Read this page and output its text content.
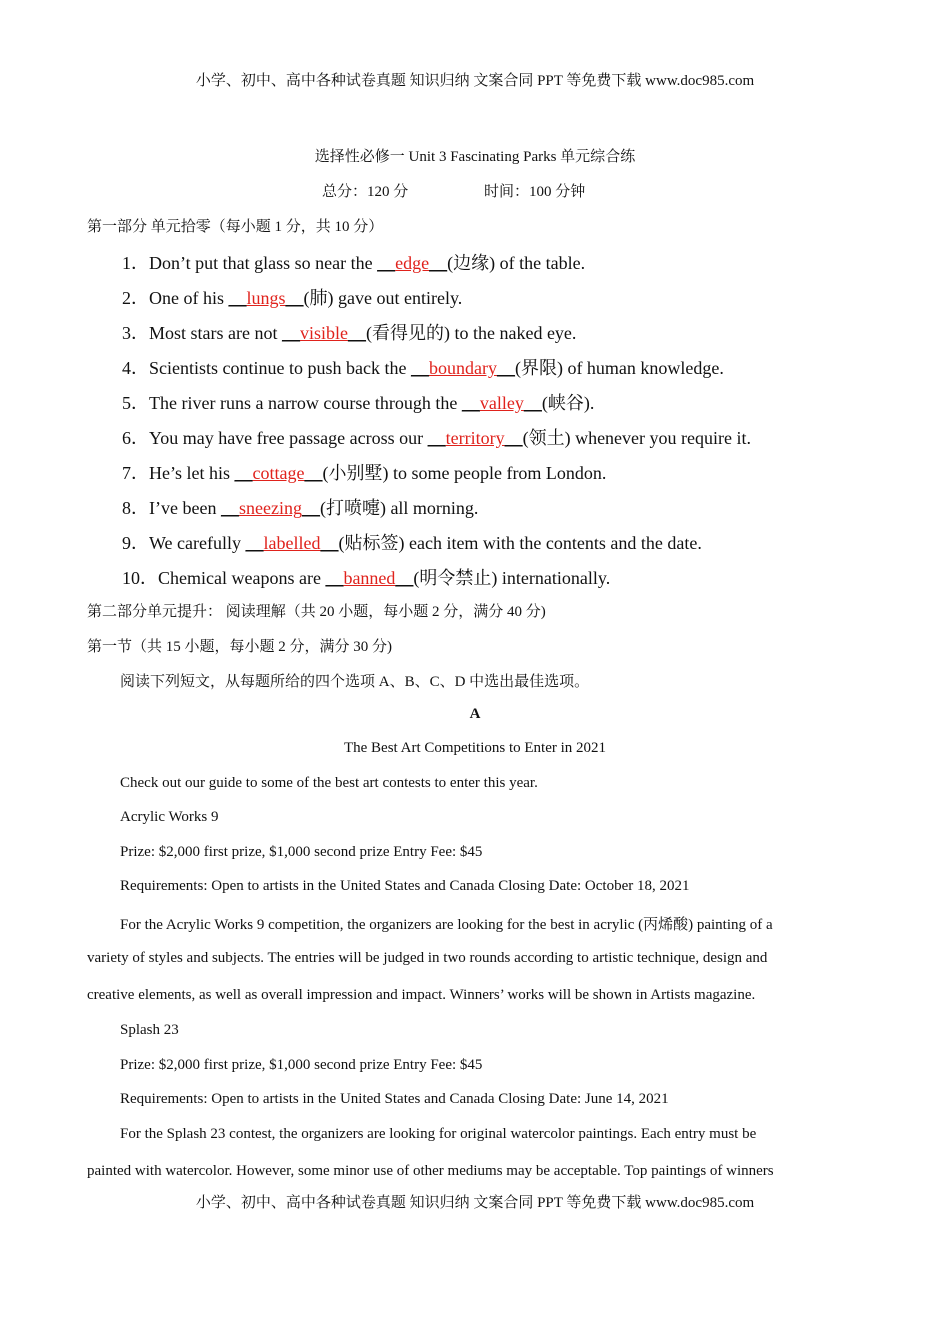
小学、初中、高中各种试卷真题 知识归纳 文案合同 PPT 等免费下载 www.doc985.com
选择性必修一 Unit 3 Fascinating Parks 单元综合练
总分：120 分	时间：100 分钟
第一部分 单元拾零（每小题 1 分，共 10 分）
1．Don’t put that glass so near the __edge__(边缘) of the table.
2．One of his __lungs__(肺) gave out entirely.
3．Most stars are not __visible__(看得见的) to the naked eye.
4．Scientists continue to push back the __boundary__(界限) of human knowledge.
5．The river runs a narrow course through the __valley__(峡谷).
6．You may have free passage across our __territory__(领土) whenever you require it.
7．He’s let his __cottage__(小别墅) to some people from London.
8．I’ve been __sneezing__(打喷嚏) all morning.
9．We carefully __labelled__(贴标签) each item with the contents and the date.
10．Chemical weapons are __banned__(明令禁止) internationally.
第二部分单元提升： 阅读理解（共 20 小题，每小题 2 分，满分 40 分)
第一节（共 15 小题，每小题 2 分，满分 30 分)
阅读下列短文，从每题所给的四个选项 A、B、C、D 中选出最佳选项。
A
The Best Art Competitions to Enter in 2021
Check out our guide to some of the best art contests to enter this year.
Acrylic Works 9
Prize: $2,000 first prize, $1,000 second prize Entry Fee: $45
Requirements: Open to artists in the United States and Canada Closing Date: October 18, 2021
For the Acrylic Works 9 competition, the organizers are looking for the best in acrylic (丙烯酸) painting of a
variety of styles and subjects. The entries will be judged in two rounds according to artistic technique, design and
creative elements, as well as overall impression and impact. Winners’ works will be shown in Artists magazine.
Splash 23
Prize: $2,000 first prize, $1,000 second prize Entry Fee: $45
Requirements: Open to artists in the United States and Canada Closing Date: June 14, 2021
For the Splash 23 contest, the organizers are looking for original watercolor paintings. Each entry must be
painted with watercolor. However, some minor use of other mediums may be acceptable. Top paintings of winners
小学、初中、高中各种试卷真题 知识归纳 文案合同 PPT 等免费下载 www.doc985.com
